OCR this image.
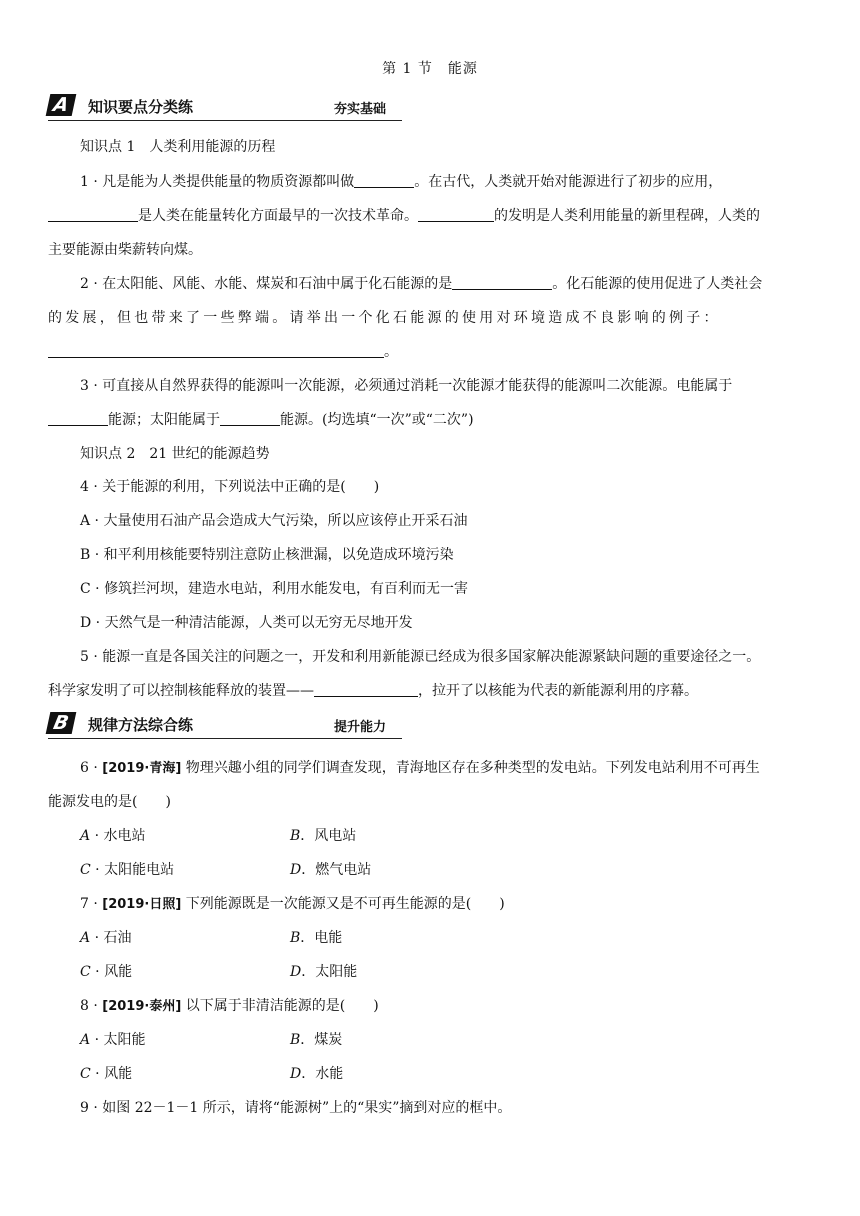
第 1 节　能源
A	知识要点分类练	夯实基础
知识点 1　人类利用能源的历程
1 · 凡是能为人类提供能量的物质资源都叫做	。在古代，人类就开始对能源进行了初步的应用，
是人类在能量转化方面最早的一次技术革命。	的发明是人类利用能量的新里程碑，人类的
主要能源由柴薪转向煤。
2 · 在太阳能、风能、水能、煤炭和石油中属于化石能源的是	。化石能源的使用促进了人类社会
的 发 展 ， 但 也 带 来 了 一 些 弊 端 。 请 举 出 一 个 化 石 能 源 的 使 用 对 环 境 造 成 不 良 影 响 的 例 子 ：
。
3 · 可直接从自然界获得的能源叫一次能源，必须通过消耗一次能源才能获得的能源叫二次能源。电能属于
能源；太阳能属于	能源。(均选填“一次”或“二次”)
知识点 2　21 世纪的能源趋势
4 · 关于能源的利用，下列说法中正确的是(　　)
A · 大量使用石油产品会造成大气污染，所以应该停止开采石油
B · 和平利用核能要特别注意防止核泄漏，以免造成环境污染
C · 修筑拦河坝，建造水电站，利用水能发电，有百利而无一害
D · 天然气是一种清洁能源，人类可以无穷无尽地开发
5 · 能源一直是各国关注的问题之一，开发和利用新能源已经成为很多国家解决能源紧缺问题的重要途径之一。
科学家发明了可以控制核能释放的装置——	，拉开了以核能为代表的新能源利用的序幕。
B	规律方法综合练	提升能力
6 · [2019·青海] 物理兴趣小组的同学们调查发现，青海地区存在多种类型的发电站。下列发电站利用不可再生
能源发电的是(　　)
A · 水电站	B．风电站
C · 太阳能电站	D．燃气电站
7 · [2019·日照] 下列能源既是一次能源又是不可再生能源的是(　　)
A · 石油	B．电能
C · 风能	D．太阳能
8 · [2019·泰州] 以下属于非清洁能源的是(　　)
A · 太阳能	B．煤炭
C · 风能	D．水能
9 · 如图 22－1－1 所示，请将“能源树”上的“果实”摘到对应的框中。
